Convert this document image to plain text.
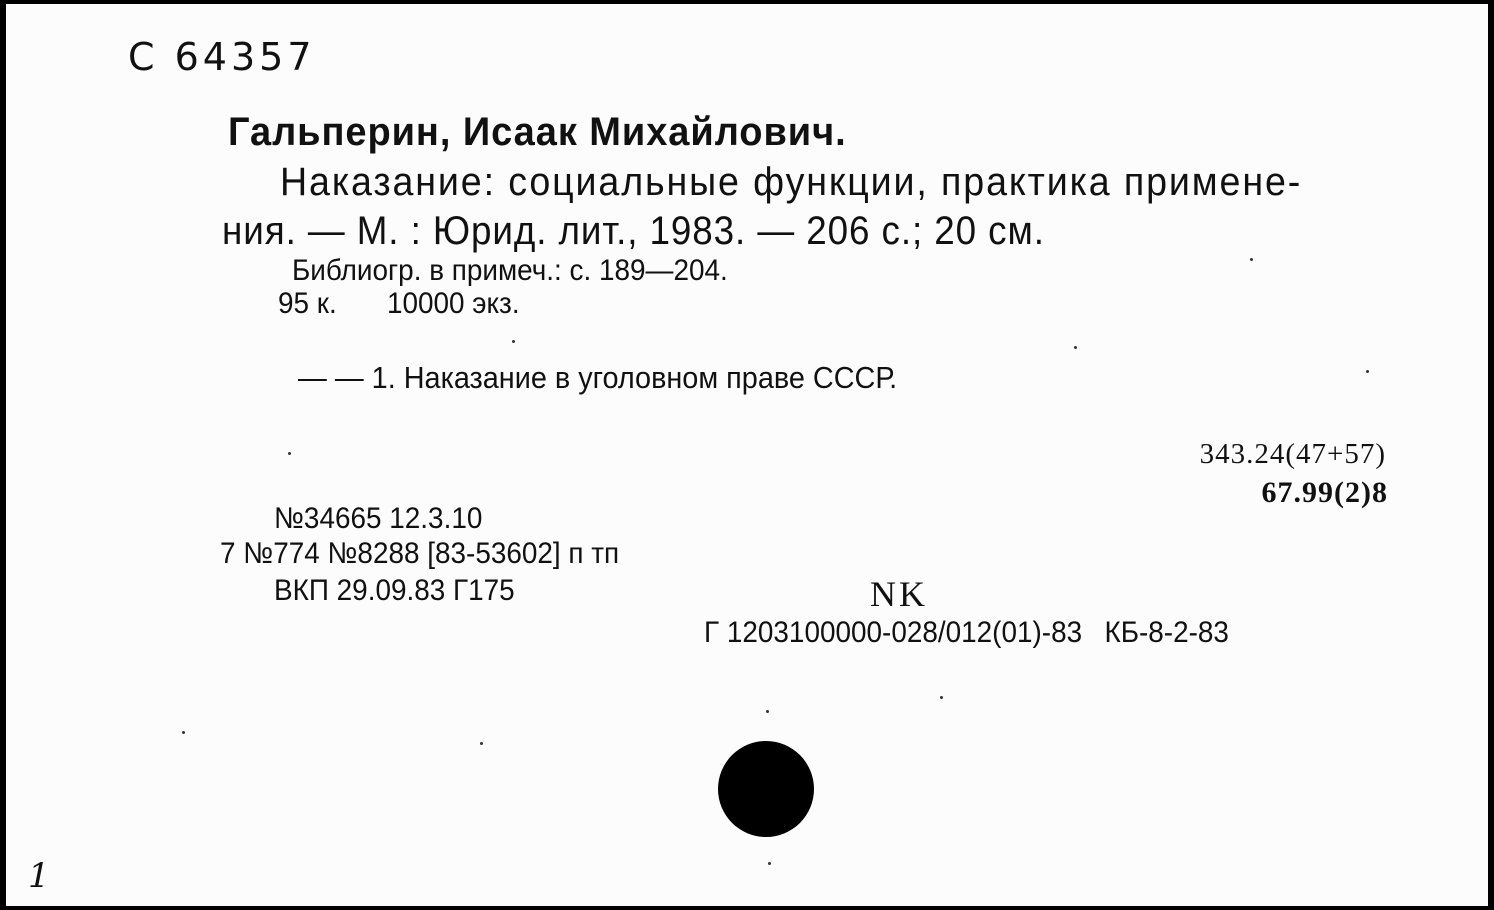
С 64357
Гальперин, Исаак Михайлович.
Наказание: социальные функции, практика примене-
ния. — М. : Юрид. лит., 1983. — 206 с.; 20 см.
Библиогр. в примеч.: с. 189—204.
95 к. 10000 экз.
— — 1. Наказание в уголовном праве СССР.
343.24(47+57)
67.99(2)8
№34665 12.3.10
7 №774 №8288 [83-53602] п тп
ВКП 29.09.83 Г175	NK
Г 1203100000-028/012(01)-83 КБ-8-2-83
1
